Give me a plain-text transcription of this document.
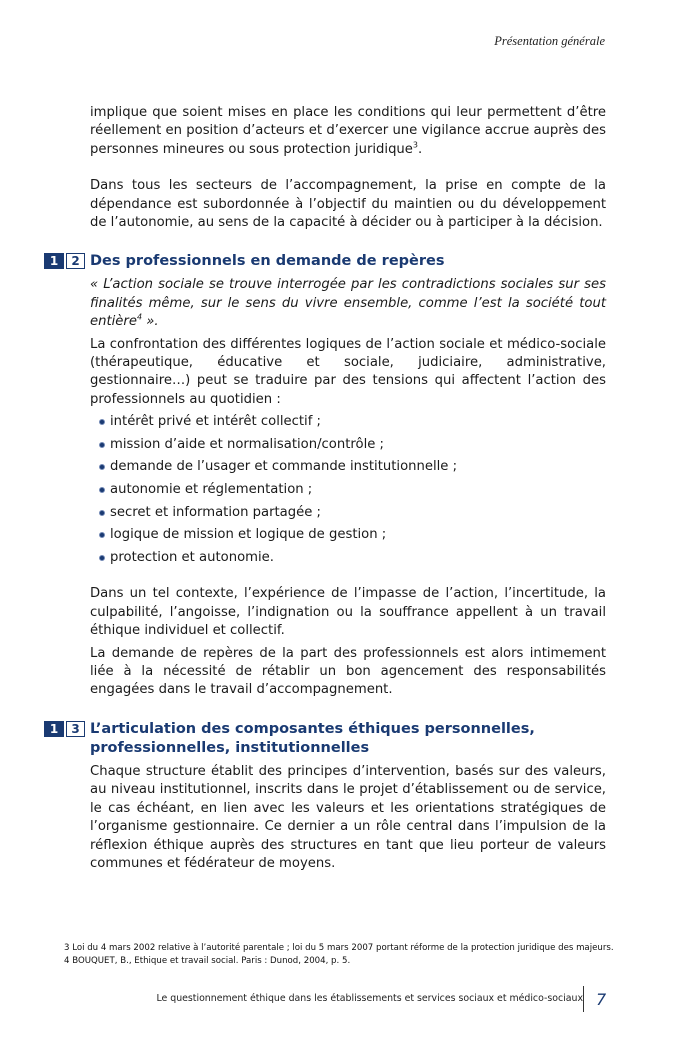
Présentation générale

implique que soient mises en place les conditions qui leur permettent d’être réellement en position d’acteurs et d’exercer une vigilance accrue auprès des personnes mineures ou sous protection juridique$^3$.

Dans tous les secteurs de l’accompagnement, la prise en compte de la dépendance est subordonnée à l’objectif du maintien ou du développement de l’autonomie, au sens de la capacité à décider ou à participer à la décision.

1	2 Des professionnels en demande de repères

« L’action sociale se trouve interrogée par les contradictions sociales sur ses finalités même, sur le sens du vivre ensemble, comme l’est la société tout entière$^4$ ».

La confrontation des différentes logiques de l’action sociale et médico-sociale (thérapeutique, éducative et sociale, judiciaire, administrative, gestionnaire…) peut se traduire par des tensions qui affectent l’action des professionnels au quotidien :

intérêt privé et intérêt collectif ;
mission d’aide et normalisation/contrôle ;
demande de l’usager et commande institutionnelle ;
autonomie et réglementation ;
secret et information partagée ;
logique de mission et logique de gestion ;
protection et autonomie.

Dans un tel contexte, l’expérience de l’impasse de l’action, l’incertitude, la culpabilité, l’angoisse, l’indignation ou la souffrance appellent à un travail éthique individuel et collectif.

La demande de repères de la part des professionnels est alors intimement liée à la nécessité de rétablir un bon agencement des responsabilités engagées dans le travail d’accompagnement.

1	3 L’articulation des composantes éthiques personnelles, professionnelles, institutionnelles

Chaque structure établit des principes d’intervention, basés sur des valeurs, au niveau institutionnel, inscrits dans le projet d’établissement ou de service, le cas échéant, en lien avec les valeurs et les orientations stratégiques de l’organisme gestionnaire. Ce dernier a un rôle central dans l’impulsion de la réflexion éthique auprès des structures en tant que lieu porteur de valeurs communes et fédérateur de moyens.

3 Loi du 4 mars 2002 relative à l’autorité parentale ; loi du 5 mars 2007 portant réforme de la protection juridique des majeurs.
4 BOUQUET, B., Ethique et travail social. Paris : Dunod, 2004, p. 5.
Le questionnement éthique dans les établissements et services sociaux et médico-sociaux 7
